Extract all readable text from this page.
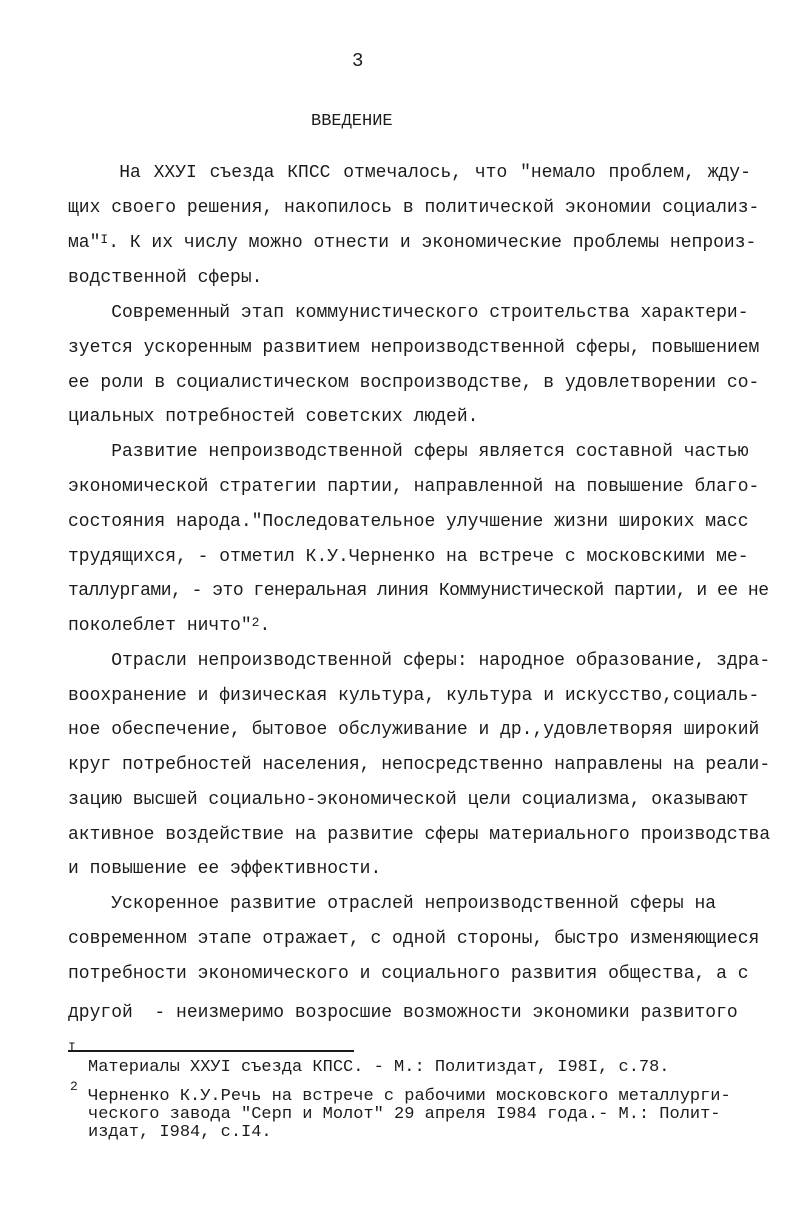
3
ВВЕДЕНИЕ
На ХХУI съезда КПСС отмечалось, что "немало проблем, жду-
щих своего решения, накопилось в политической экономии социализ-
ма"$^I$. К их числу можно отнести и экономические проблемы непроиз-
водственной сферы.
Современный этап коммунистического строительства характери-
зуется ускоренным развитием непроизводственной сферы, повышением
ее роли в социалистическом воспроизводстве, в удовлетворении со-
циальных потребностей советских людей.
Развитие непроизводственной сферы является составной частью
экономической стратегии партии, направленной на повышение благо-
состояния народа."Последовательное улучшение жизни широких масс
трудящихся, - отметил К.У.Черненко на встрече с московскими ме-
таллургами, - это генеральная линия Коммунистической партии, и ее не
поколеблет ничто"$^2$.
Отрасли непроизводственной сферы: народное образование, здра-
воохранение и физическая культура, культура и искусство,социаль-
ное обеспечение, бытовое обслуживание и др.,удовлетворяя широкий
круг потребностей населения, непосредственно направлены на реали-
зацию высшей социально-экономической цели социализма, оказывают
активное воздействие на развитие сферы материального производства
и повышение ее эффективности.
Ускоренное развитие отраслей непроизводственной сферы на
современном этапе отражает, с одной стороны, быстро изменяющиеся
потребности экономического и социального развития общества, а с
другой  - неизмеримо возросшие возможности экономики развитого
I
Материалы ХХУI съезда КПСС. - М.: Политиздат, I98I, с.78.
2
Черненко К.У.Речь на встрече с рабочими московского металлурги-
ческого завода "Серп и Молот" 29 апреля I984 года.- М.: Полит-
издат, I984, с.I4.
